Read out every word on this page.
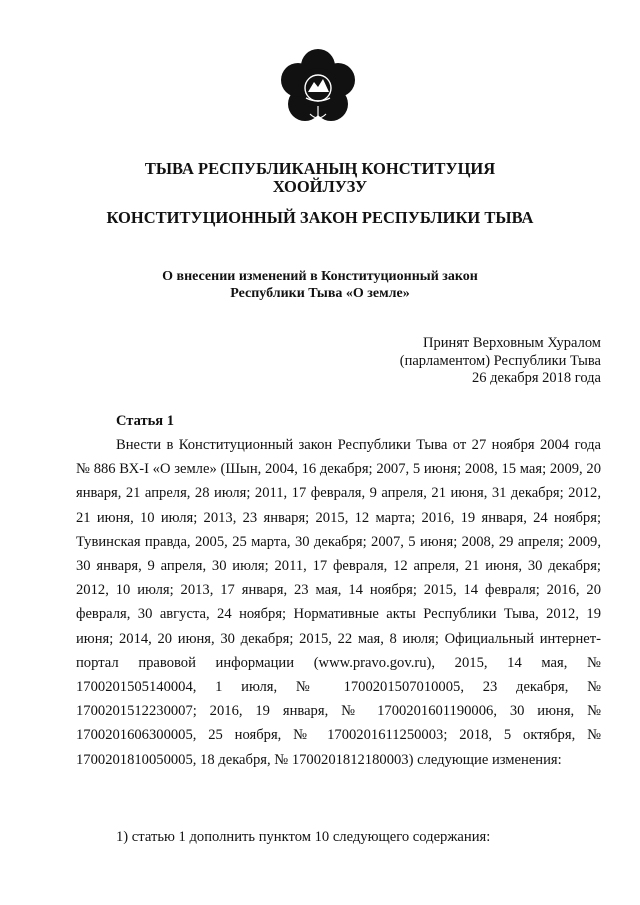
ТЫВА РЕСПУБЛИКАНЫҢ КОНСТИТУЦИЯ
ХООЙЛУЗУ
КОНСТИТУЦИОННЫЙ ЗАКОН РЕСПУБЛИКИ ТЫВА
О внесении изменений в Конституционный закон
Республики Тыва «О земле»
Принят Верховным Хуралом
(парламентом) Республики Тыва
26 декабря 2018 года
Статья 1

Внести в Конституционный закон Республики Тыва от 27 ноября 2004 года № 886 ВХ-I «О земле» (Шын, 2004, 16 декабря; 2007, 5 июня; 2008, 15 мая; 2009, 20 января, 21 апреля, 28 июля; 2011, 17 февраля, 9 апреля, 21 июня, 31 декабря; 2012, 21 июня, 10 июля; 2013, 23 января; 2015, 12 марта; 2016, 19 января, 24 ноября; Тувинская правда, 2005, 25 марта, 30 декабря; 2007, 5 июня; 2008, 29 апреля; 2009, 30 января, 9 апреля, 30 июля; 2011, 17 февраля, 12 апреля, 21 июня, 30 декабря; 2012, 10 июля; 2013, 17 января, 23 мая, 14 ноября; 2015, 14 февраля; 2016, 20 февраля, 30 августа, 24 ноября; Нормативные акты Республики Тыва, 2012, 19 июня; 2014, 20 июня, 30 декабря; 2015, 22 мая, 8 июля; Официальный интернет-портал правовой информации (www.pravo.gov.ru), 2015, 14 мая, № 1700201505140004, 1 июля, № 1700201507010005, 23 декабря, № 1700201512230007; 2016, 19 января, № 1700201601190006, 30 июня, № 1700201606300005, 25 ноября, № 1700201611250003; 2018, 5 октября, № 1700201810050005, 18 декабря, № 1700201812180003) следующие изменения:

1) статью 1 дополнить пунктом 10 следующего содержания:
